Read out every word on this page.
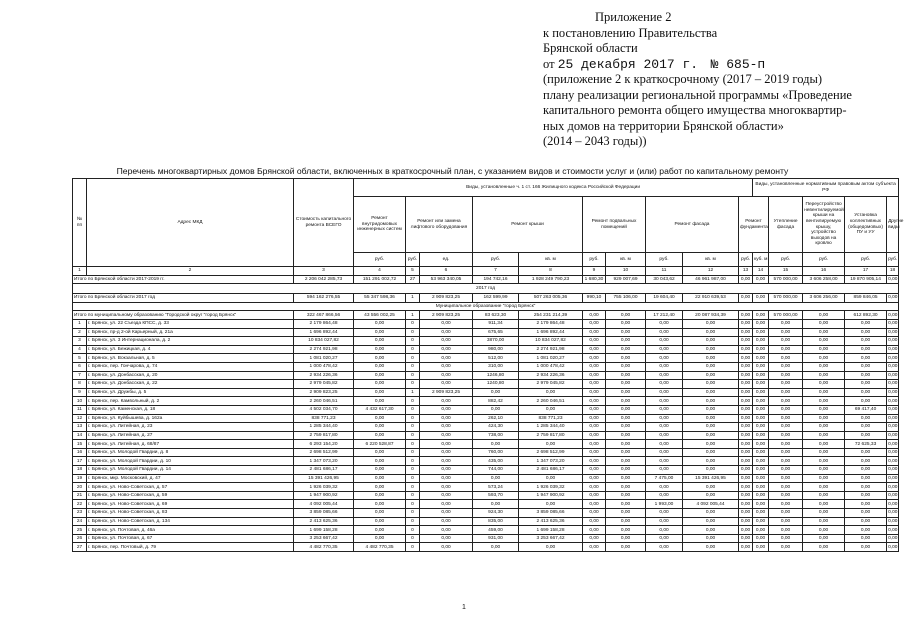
Приложение 2
к постановлению Правительства
Брянской области
от 25 декабря 2017 г. № 685-п
(приложение 2 к краткосрочному (2017 – 2019 годы)
плану реализации региональной программы «Проведение
капитального ремонта общего имущества многоквартир-
ных домов на территории Брянской области»
(2014 – 2043 годы))
Перечень многоквартирных домов Брянской области, включенных в краткосрочный план, с указанием видов и стоимости услуг и (или) работ по капитальному ремонту
№ пп	Адрес МКД	Стоимость капитального ремонта ВСЕГО	Виды, установленные ч. 1 ст. 166 Жилищного кодекса Российской Федерации										Виды, установленные нормативным правовым актом субъекта РФ					
			Ремонт внутридомовых инженерных систем	Ремонт или замена лифтового оборудования		Ремонт крыши		Ремонт подвальных помещений		Ремонт фасада		Ремонт фундамента		Утепление фасада	Переустройство невентилируемой крыши на вентилируемую крышу, устройство выходов на кровлю	Установка коллективных (общедомовых) ПУ и УУ	Другие виды	
			руб.	руб.	ед.	руб.	кв. м	руб.	кв. м	руб.	кв. м	руб.	куб. м	руб.	руб.	руб.	руб.	
1	2	3	4	5	6	7	8	9	10	11	12	13	14	15	16	17	18	
Итого по Брянской области 2017-2019 гг.		2 206 042 285,73	151 291 002,72	27	53 963 340,05	194 742,16	1 928 249 790,23	1 680,30	929 007,69	30 043,62	46 961 987,00	0,00	0,00	570 000,00	3 606 258,00	19 870 905,14	0,00	
2017 год																		
Итого по Брянской области 2017 год		594 162 276,55	55 347 598,36	1	2 909 823,25	162 599,99	507 263 005,36	990,10	755 106,00	19 604,40	22 910 639,53	0,00	0,00	570 000,00	3 606 256,00	859 846,05	0,00	
Муниципальное образование "город Брянск"																		
Итого по муниципальному образованию "Городской округ "город Брянск"		322 467 866,56	43 556 002,25	1	2 909 823,25	83 623,30	254 231 214,39	0,00	0,00	17 212,40	20 087 934,39	0,00	0,00	570 000,00	0,00	612 892,30	0,00	
1	г. Брянск, ул. 22 Съезда КПСС, д. 33	2 179 864,48	0,00	0	0,00	911,34	2 179 864,48	0,00	0,00	0,00	0,00	0,00	0,00	0,00	0,00	0,00	0,00	
2	г. Брянск, пр-д 2-ой Карьерный, д. 21а	1 696 892,44	0,00	0	0,00	675,65	1 696 892,44	0,00	0,00	0,00	0,00	0,00	0,00	0,00	0,00	0,00	0,00	
3	г. Брянск, ул. 3 Интернационала, д. 2	10 834 027,82	0,00	0	0,00	3870,00	10 834 027,82	0,00	0,00	0,00	0,00	0,00	0,00	0,00	0,00	0,00	0,00	
4	г. Брянск, ул. Бежицкая, д. 4	2 274 921,98	0,00	0	0,00	980,00	2 274 921,98	0,00	0,00	0,00	0,00	0,00	0,00	0,00	0,00	0,00	0,00	
5	г. Брянск, ул. Вокзальная, д. 5	1 081 020,27	0,00	0	0,00	512,00	1 081 020,27	0,00	0,00	0,00	0,00	0,00	0,00	0,00	0,00	0,00	0,00	
6	г. Брянск, пер. Гончарова, д. 74	1 000 478,42	0,00	0	0,00	310,00	1 000 478,42	0,00	0,00	0,00	0,00	0,00	0,00	0,00	0,00	0,00	0,00	
7	г. Брянск, ул. Донбасская, д. 20	2 934 226,36	0,00	0	0,00	1246,80	2 934 226,36	0,00	0,00	0,00	0,00	0,00	0,00	0,00	0,00	0,00	0,00	
8	г. Брянск, ул. Донбасская, д. 22	2 979 045,82	0,00	0	0,00	1240,80	2 979 045,82	0,00	0,00	0,00	0,00	0,00	0,00	0,00	0,00	0,00	0,00	
9	г. Брянск, ул. Дружбы, д. 5	2 909 823,25	0,00	1	2 909 823,25	0,00	0,00	0,00	0,00	0,00	0,00	0,00	0,00	0,00	0,00	0,00	0,00	
10	г. Брянск, пер. Камвольный, д. 2	2 260 046,51	0,00	0	0,00	882,42	2 260 046,51	0,00	0,00	0,00	0,00	0,00	0,00	0,00	0,00	0,00	0,00	
11	г. Брянск, ул. Каменская, д. 18	4 502 034,70	4 432 617,30	0	0,00	0,00	0,00	0,00	0,00	0,00	0,00	0,00	0,00	0,00	0,00	69 417,40	0,00	
12	г. Брянск, ул. Куйбышева, д. 162а	838 771,23	0,00	0	0,00	262,10	838 771,23	0,00	0,00	0,00	0,00	0,00	0,00	0,00	0,00	0,00	0,00	
13	г. Брянск, ул. Литейная, д. 23	1 285 344,40	0,00	0	0,00	424,30	1 285 344,40	0,00	0,00	0,00	0,00	0,00	0,00	0,00	0,00	0,00	0,00	
14	г. Брянск, ул. Литейная, д. 27	2 759 817,80	0,00	0	0,00	738,00	2 759 817,80	0,00	0,00	0,00	0,00	0,00	0,00	0,00	0,00	0,00	0,00	
15	г. Брянск, ул. Литейная, д. 68/87	6 293 154,20	6 220 528,87	0	0,00	0,00	0,00	0,00	0,00	0,00	0,00	0,00	0,00	0,00	0,00	72 625,33	0,00	
16	г. Брянск, ул. Молодой Гвардии, д. 8	2 698 512,99	0,00	0	0,00	760,00	2 698 512,99	0,00	0,00	0,00	0,00	0,00	0,00	0,00	0,00	0,00	0,00	
17	г. Брянск, ул. Молодой Гвардии, д. 10	1 347 073,20	0,00	0	0,00	435,00	1 347 073,20	0,00	0,00	0,00	0,00	0,00	0,00	0,00	0,00	0,00	0,00	
18	г. Брянск, ул. Молодой Гвардии, д. 14	2 481 686,17	0,00	0	0,00	744,00	2 481 686,17	0,00	0,00	0,00	0,00	0,00	0,00	0,00	0,00	0,00	0,00	
19	г. Брянск, мкр. Московский, д. 47	15 391 426,95	0,00	0	0,00	0,00	0,00	0,00	0,00	7 475,00	15 391 426,95	0,00	0,00	0,00	0,00	0,00	0,00	
20	г. Брянск, ул. Ново-Советская, д. 57	1 926 039,32	0,00	0	0,00	573,24	1 926 039,32	0,00	0,00	0,00	0,00	0,00	0,00	0,00	0,00	0,00	0,00	
21	г. Брянск, ул. Ново-Советская, д. 59	1 947 900,92	0,00	0	0,00	593,70	1 947 900,92	0,00	0,00	0,00	0,00	0,00	0,00	0,00	0,00	0,00	0,00	
22	г. Брянск, ул. Ново-Советская, д. 69	4 092 005,44	0,00	0	0,00	0,00	0,00	0,00	0,00	1 993,00	4 092 005,44	0,00	0,00	0,00	0,00	0,00	0,00	
23	г. Брянск, ул. Ново-Советская, д. 83	3 859 085,66	0,00	0	0,00	924,30	3 859 085,66	0,00	0,00	0,00	0,00	0,00	0,00	0,00	0,00	0,00	0,00	
24	г. Брянск, ул. Ново-Советская, д. 134	2 413 625,36	0,00	0	0,00	835,00	2 413 625,36	0,00	0,00	0,00	0,00	0,00	0,00	0,00	0,00	0,00	0,00	
25	г. Брянск, ул. Почтовая, д. 46а	1 699 158,28	0,00	0	0,00	459,00	1 699 158,28	0,00	0,00	0,00	0,00	0,00	0,00	0,00	0,00	0,00	0,00	
26	г. Брянск, ул. Почтовая, д. 67	3 253 667,42	0,00	0	0,00	931,00	3 253 667,42	0,00	0,00	0,00	0,00	0,00	0,00	0,00	0,00	0,00	0,00	
27	г. Брянск, пер. Почтовый, д. 79	4 482 770,35	4 482 770,35	0	0,00	0,00	0,00	0,00	0,00	0,00	0,00	0,00	0,00	0,00	0,00	0,00	0,00	
1
